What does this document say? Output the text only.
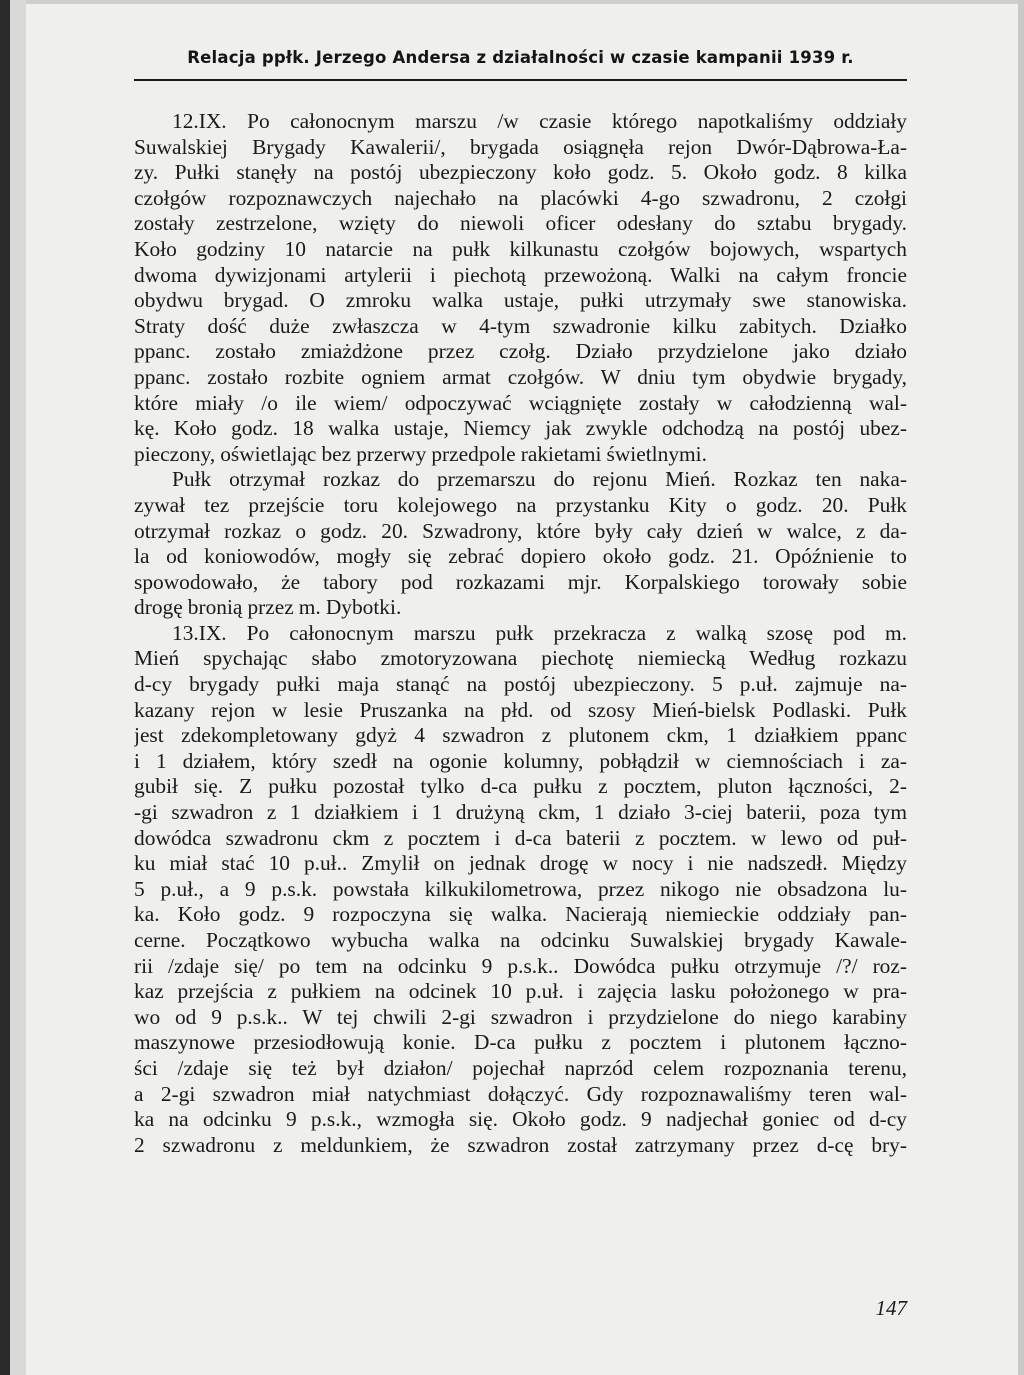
Relacja ppłk. Jerzego Andersa z działalności w czasie kampanii 1939 r.
12.IX. Po całonocnym marszu /w czasie którego napotkaliśmy oddziały
Suwalskiej Brygady Kawalerii/, brygada osiągnęła rejon Dwór-Dąbrowa-Ła-
zy. Pułki stanęły na postój ubezpieczony koło godz. 5. Około godz. 8 kilka
czołgów rozpoznawczych najechało na placówki 4-go szwadronu, 2 czołgi
zostały zestrzelone, wzięty do niewoli oficer odesłany do sztabu brygady.
Koło godziny 10 natarcie na pułk kilkunastu czołgów bojowych, wspartych
dwoma dywizjonami artylerii i piechotą przewożoną. Walki na całym froncie
obydwu brygad. O zmroku walka ustaje, pułki utrzymały swe stanowiska.
Straty dość duże zwłaszcza w 4-tym szwadronie kilku zabitych. Działko
ppanc. zostało zmiażdżone przez czołg. Działo przydzielone jako działo
ppanc. zostało rozbite ogniem armat czołgów. W dniu tym obydwie brygady,
które miały /o ile wiem/ odpoczywać wciągnięte zostały w całodzienną wal-
kę. Koło godz. 18 walka ustaje, Niemcy jak zwykle odchodzą na postój ubez-
pieczony, oświetlając bez przerwy przedpole rakietami świetlnymi.
Pułk otrzymał rozkaz do przemarszu do rejonu Mień. Rozkaz ten naka-
zywał tez przejście toru kolejowego na przystanku Kity o godz. 20. Pułk
otrzymał rozkaz o godz. 20. Szwadrony, które były cały dzień w walce, z da-
la od koniowodów, mogły się zebrać dopiero około godz. 21. Opóźnienie to
spowodowało, że tabory pod rozkazami mjr. Korpalskiego torowały sobie
drogę bronią przez m. Dybotki.
13.IX. Po całonocnym marszu pułk przekracza z walką szosę pod m.
Mień spychając słabo zmotoryzowana piechotę niemiecką Według rozkazu
d-cy brygady pułki maja stanąć na postój ubezpieczony. 5 p.uł. zajmuje na-
kazany rejon w lesie Pruszanka na płd. od szosy Mień-bielsk Podlaski. Pułk
jest zdekompletowany gdyż 4 szwadron z plutonem ckm, 1 działkiem ppanc
i 1 działem, który szedł na ogonie kolumny, pobłądził w ciemnościach i za-
gubił się. Z pułku pozostał tylko d-ca pułku z pocztem, pluton łączności, 2-
-gi szwadron z 1 działkiem i 1 drużyną ckm, 1 działo 3-ciej baterii, poza tym
dowódca szwadronu ckm z pocztem i d-ca baterii z pocztem. w lewo od puł-
ku miał stać 10 p.uł.. Zmylił on jednak drogę w nocy i nie nadszedł. Między
5 p.uł., a 9 p.s.k. powstała kilkukilometrowa, przez nikogo nie obsadzona lu-
ka. Koło godz. 9 rozpoczyna się walka. Nacierają niemieckie oddziały pan-
cerne. Początkowo wybucha walka na odcinku Suwalskiej brygady Kawale-
rii /zdaje się/ po tem na odcinku 9 p.s.k.. Dowódca pułku otrzymuje /?/ roz-
kaz przejścia z pułkiem na odcinek 10 p.uł. i zajęcia lasku położonego w pra-
wo od 9 p.s.k.. W tej chwili 2-gi szwadron i przydzielone do niego karabiny
maszynowe przesiodłowują konie. D-ca pułku z pocztem i plutonem łączno-
ści /zdaje się też był działon/ pojechał naprzód celem rozpoznania terenu,
a 2-gi szwadron miał natychmiast dołączyć. Gdy rozpoznawaliśmy teren wal-
ka na odcinku 9 p.s.k., wzmogła się. Około godz. 9 nadjechał goniec od d-cy
2 szwadronu z meldunkiem, że szwadron został zatrzymany przez d-cę bry-
147
